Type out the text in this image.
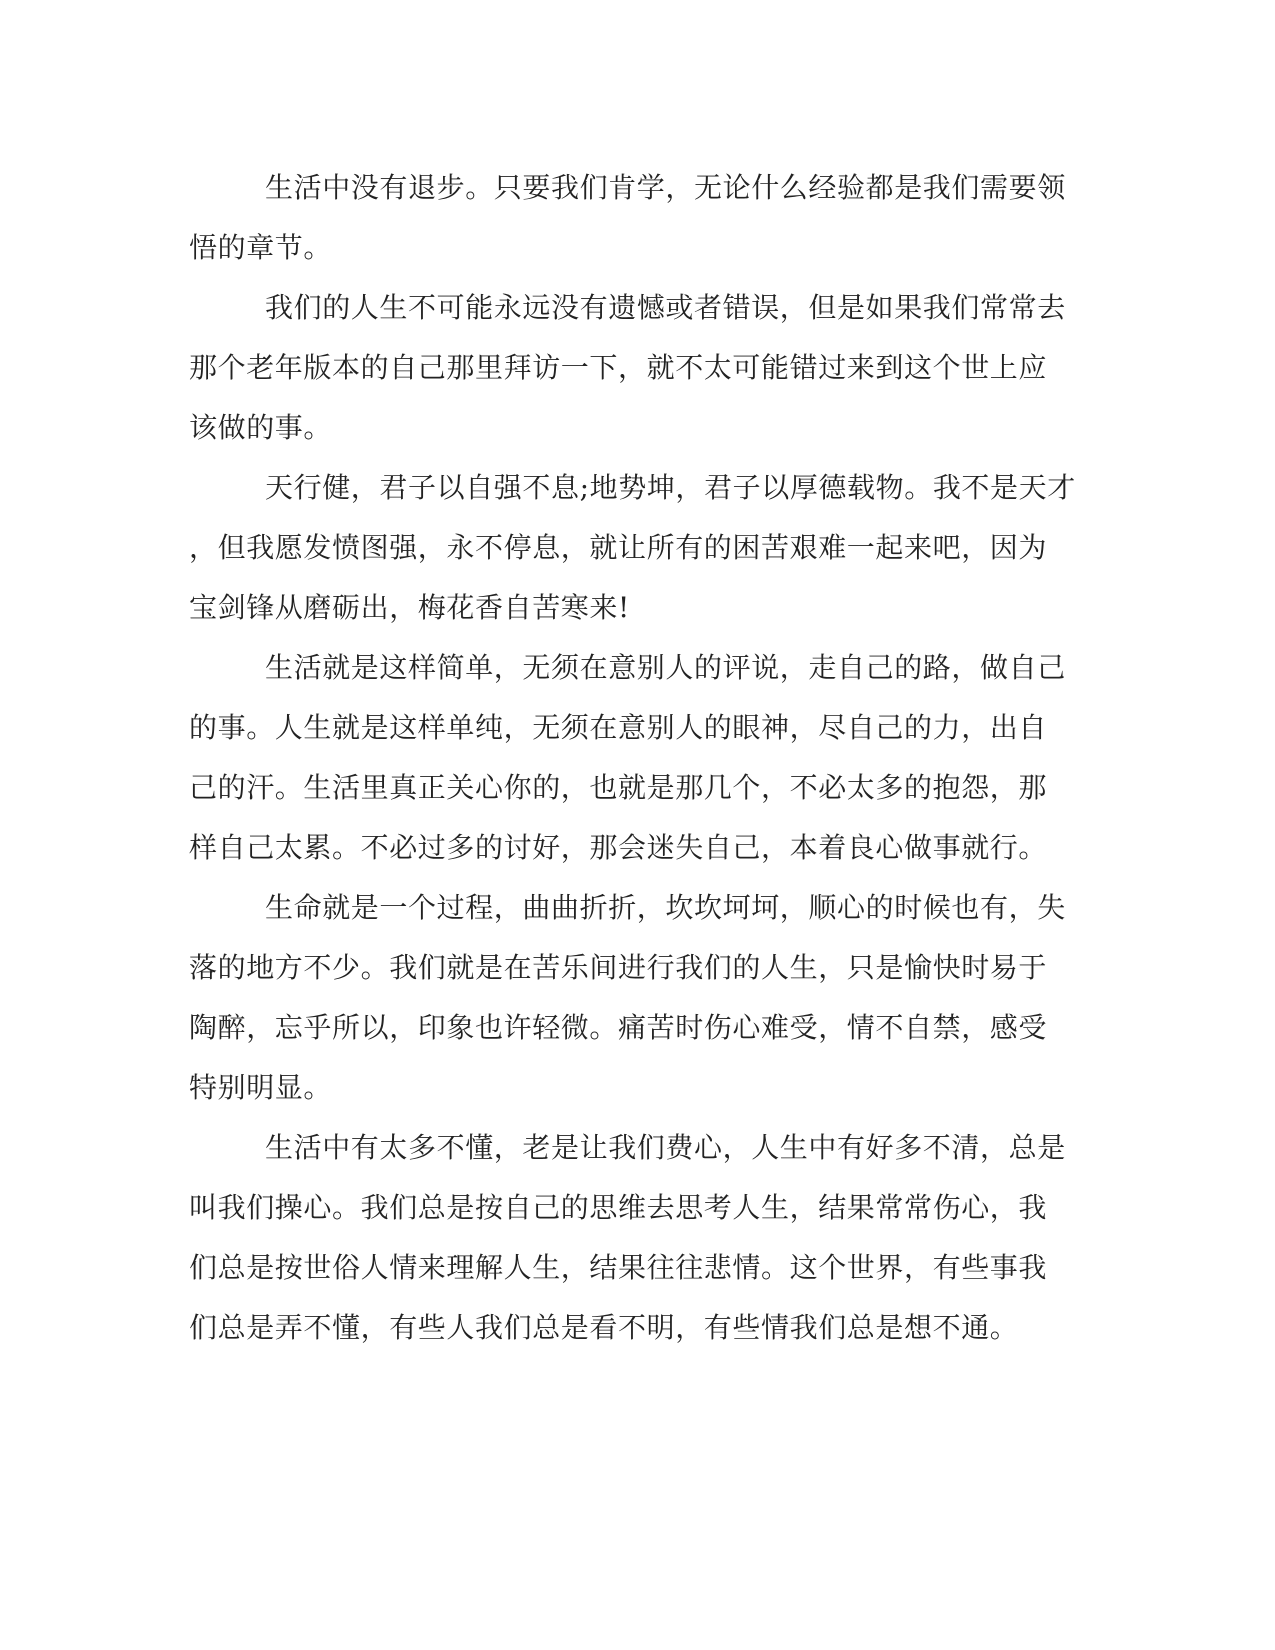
生活中没有退步。只要我们肯学，无论什么经验都是我们需要领
悟的章节。

我们的人生不可能永远没有遗憾或者错误，但是如果我们常常去
那个老年版本的自己那里拜访一下，就不太可能错过来到这个世上应
该做的事。

天行健，君子以自强不息;地势坤，君子以厚德载物。我不是天才
，但我愿发愤图强，永不停息，就让所有的困苦艰难一起来吧，因为
宝剑锋从磨砺出，梅花香自苦寒来!

生活就是这样简单，无须在意别人的评说，走自己的路，做自己
的事。人生就是这样单纯，无须在意别人的眼神，尽自己的力，出自
己的汗。生活里真正关心你的，也就是那几个，不必太多的抱怨，那
样自己太累。不必过多的讨好，那会迷失自己，本着良心做事就行。

生命就是一个过程，曲曲折折，坎坎坷坷，顺心的时候也有，失
落的地方不少。我们就是在苦乐间进行我们的人生，只是愉快时易于
陶醉，忘乎所以，印象也许轻微。痛苦时伤心难受，情不自禁，感受
特别明显。

生活中有太多不懂，老是让我们费心，人生中有好多不清，总是
叫我们操心。我们总是按自己的思维去思考人生，结果常常伤心，我
们总是按世俗人情来理解人生，结果往往悲情。这个世界，有些事我
们总是弄不懂，有些人我们总是看不明，有些情我们总是想不通。
